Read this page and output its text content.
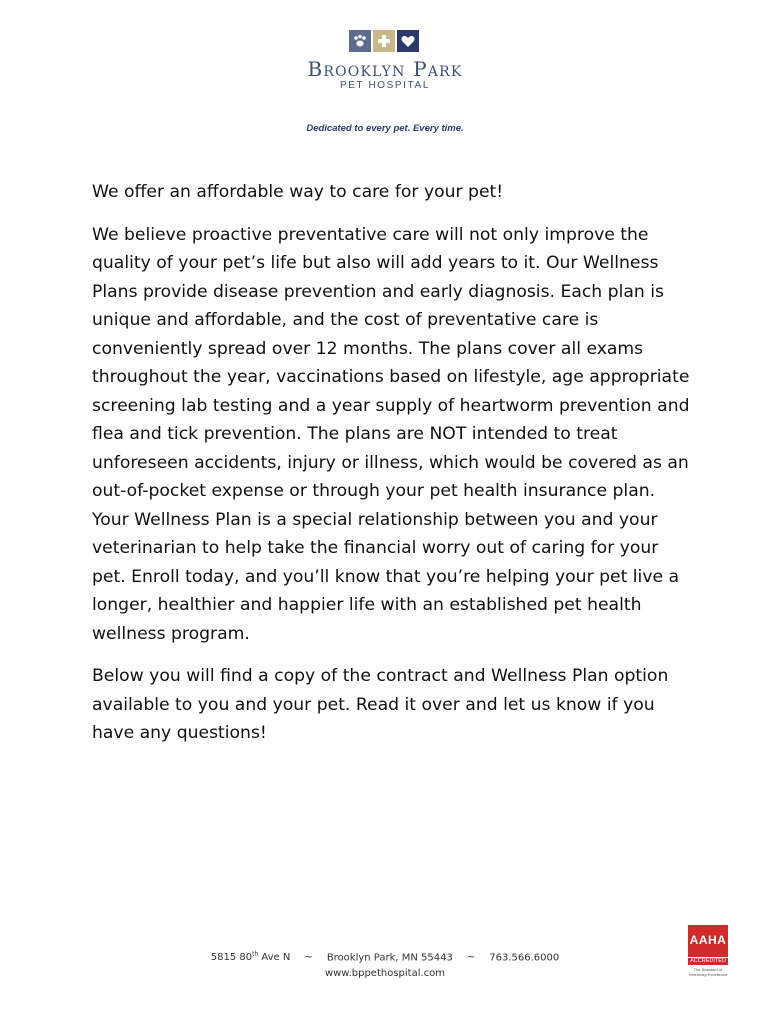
Brooklyn Park
PET HOSPITAL
Dedicated to every pet. Every time.

We offer an affordable way to care for your pet!

We believe proactive preventative care will not only improve the quality of your pet’s life but also will add years to it. Our Wellness Plans provide disease prevention and early diagnosis. Each plan is unique and affordable, and the cost of preventative care is conveniently spread over 12 months. The plans cover all exams throughout the year, vaccinations based on lifestyle, age appropriate screening lab testing and a year supply of heartworm prevention and flea and tick prevention. The plans are NOT intended to treat unforeseen accidents, injury or illness, which would be covered as an out-of-pocket expense or through your pet health insurance plan. Your Wellness Plan is a special relationship between you and your veterinarian to help take the financial worry out of caring for your pet. Enroll today, and you’ll know that you’re helping your pet live a longer, healthier and happier life with an established pet health wellness program.

Below you will find a copy of the contract and Wellness Plan option available to you and your pet. Read it over and let us know if you have any questions!

5815 80th Ave N ~ Brooklyn Park, MN 55443 ~ 763.566.6000
www.bppethospital.com
AAHA
ACCREDITED
The Standard of Veterinary Excellence
